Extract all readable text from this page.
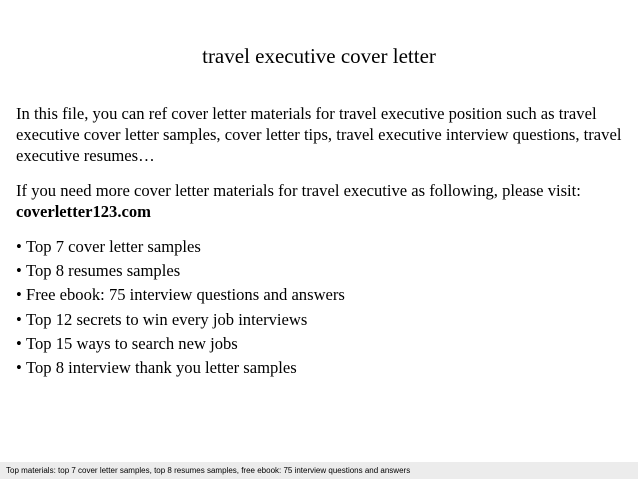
travel executive cover letter

In this file, you can ref cover letter materials for travel executive position such as travel executive cover letter samples, cover letter tips, travel executive interview questions, travel executive resumes…

If you need more cover letter materials for travel executive as following, please visit: coverletter123.com

• Top 7 cover letter samples
• Top 8 resumes samples
• Free ebook: 75 interview questions and answers
• Top 12 secrets to win every job interviews
• Top 15 ways to search new jobs
• Top 8 interview thank you letter samples
Top materials: top 7 cover letter samples, top 8 resumes samples, free ebook: 75 interview questions and answers
